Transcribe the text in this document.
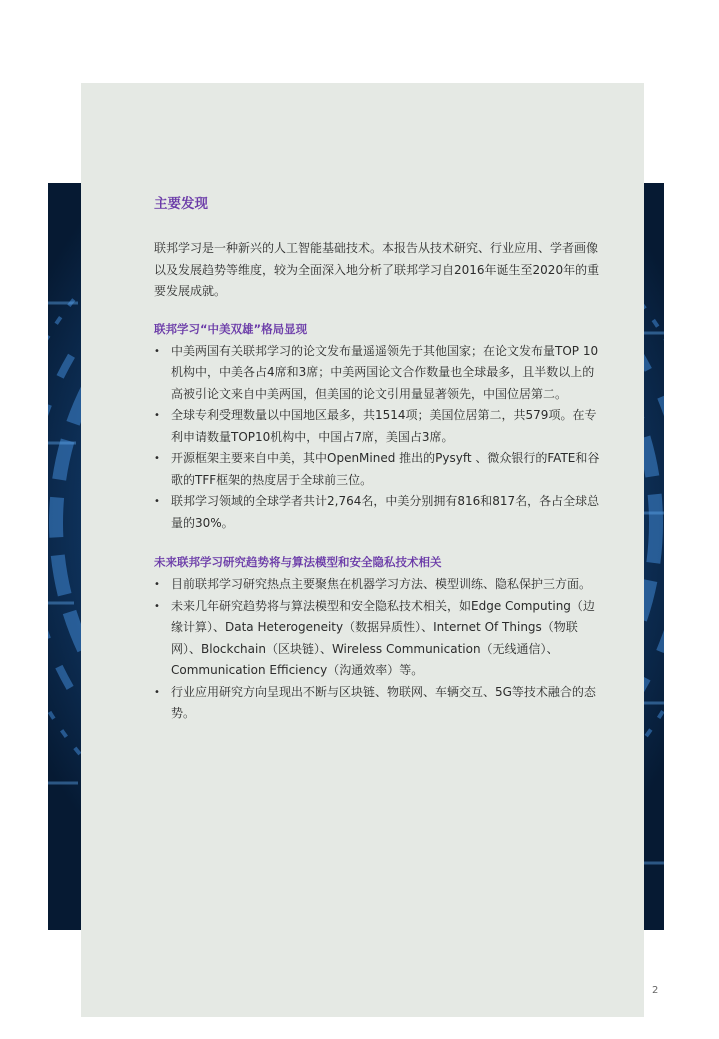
主要发现

联邦学习是一种新兴的人工智能基础技术。本报告从技术研究、行业应用、学者画像以及发展趋势等维度，较为全面深入地分析了联邦学习自2016年诞生至2020年的重要发展成就。

联邦学习“中美双雄”格局显现
• 中美两国有关联邦学习的论文发布量遥遥领先于其他国家；在论文发布量TOP 10机构中，中美各占4席和3席；中美两国论文合作数量也全球最多，且半数以上的高被引论文来自中美两国，但美国的论文引用量显著领先，中国位居第二。
• 全球专利受理数量以中国地区最多，共1514项；美国位居第二，共579项。在专利申请数量TOP10机构中，中国占7席，美国占3席。
• 开源框架主要来自中美，其中OpenMined 推出的Pysyft 、微众银行的FATE和谷歌的TFF框架的热度居于全球前三位。
• 联邦学习领域的全球学者共计2,764名，中美分别拥有816和817名，各占全球总量的30%。
未来联邦学习研究趋势将与算法模型和安全隐私技术相关
• 目前联邦学习研究热点主要聚焦在机器学习方法、模型训练、隐私保护三方面。
• 未来几年研究趋势将与算法模型和安全隐私技术相关，如Edge Computing（边缘计算）、Data Heterogeneity（数据异质性）、Internet Of Things（物联网）、Blockchain（区块链）、Wireless Communication（无线通信）、Communication Efficiency（沟通效率）等。
• 行业应用研究方向呈现出不断与区块链、物联网、车辆交互、5G等技术融合的态势。
2
